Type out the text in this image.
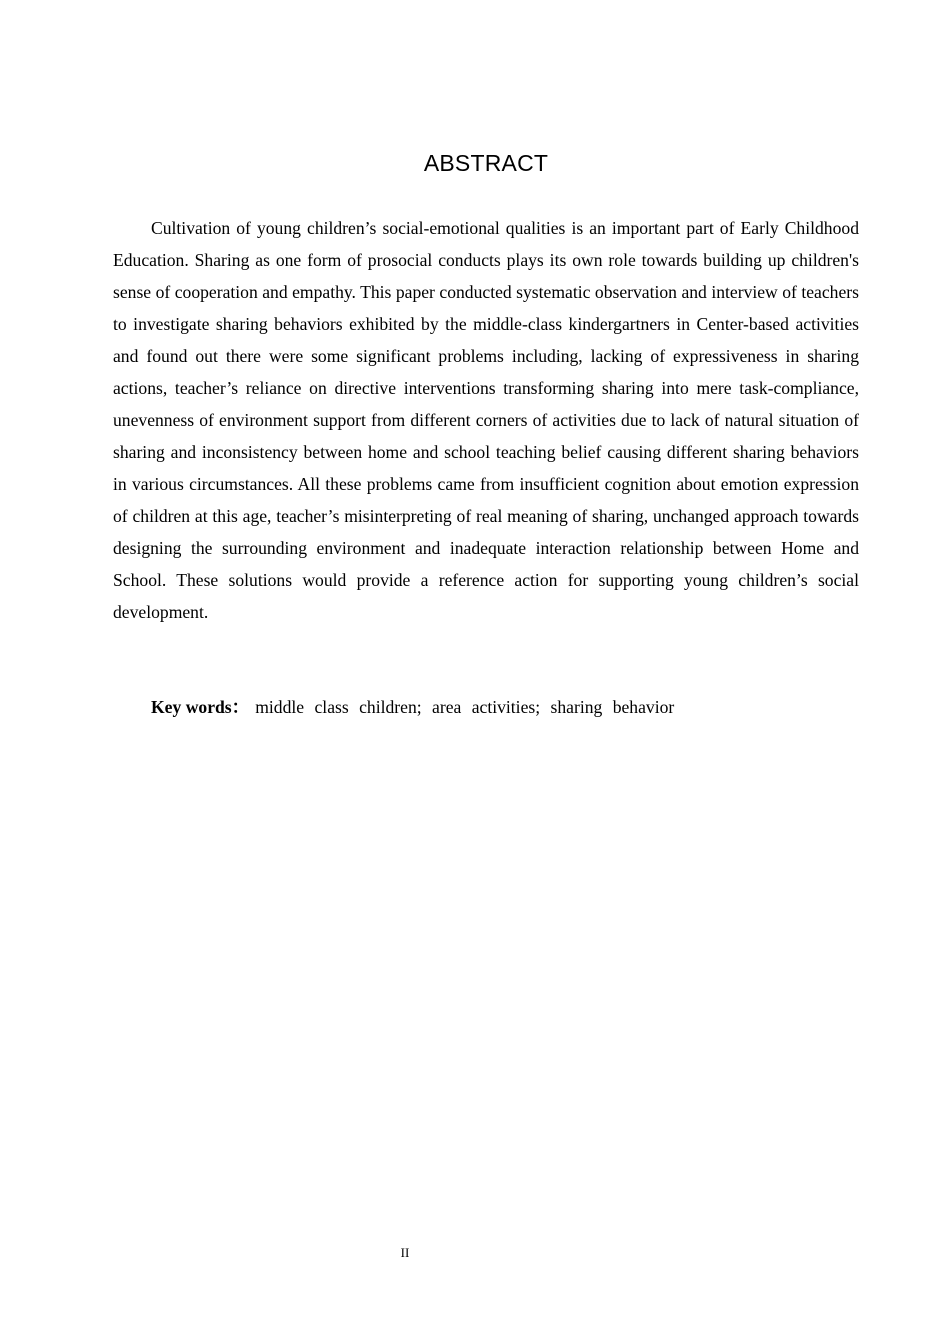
ABSTRACT

Cultivation of young children’s social-emotional qualities is an important part of Early Childhood Education. Sharing as one form of prosocial conducts plays its own role towards building up children's sense of cooperation and empathy. This paper conducted systematic observation and interview of teachers to investigate sharing behaviors exhibited by the middle-class kindergartners in Center-based activities and found out there were some significant problems including, lacking of expressiveness in sharing actions, teacher’s reliance on directive interventions transforming sharing into mere task-compliance, unevenness of environment support from different corners of activities due to lack of natural situation of sharing and inconsistency between home and school teaching belief causing different sharing behaviors in various circumstances. All these problems came from insufficient cognition about emotion expression of children at this age, teacher’s misinterpreting of real meaning of sharing, unchanged approach towards designing the surrounding environment and inadequate interaction relationship between Home and School. These solutions would provide a reference action for supporting young children’s social development.

Key words： middle class children; area activities; sharing behavior
II
